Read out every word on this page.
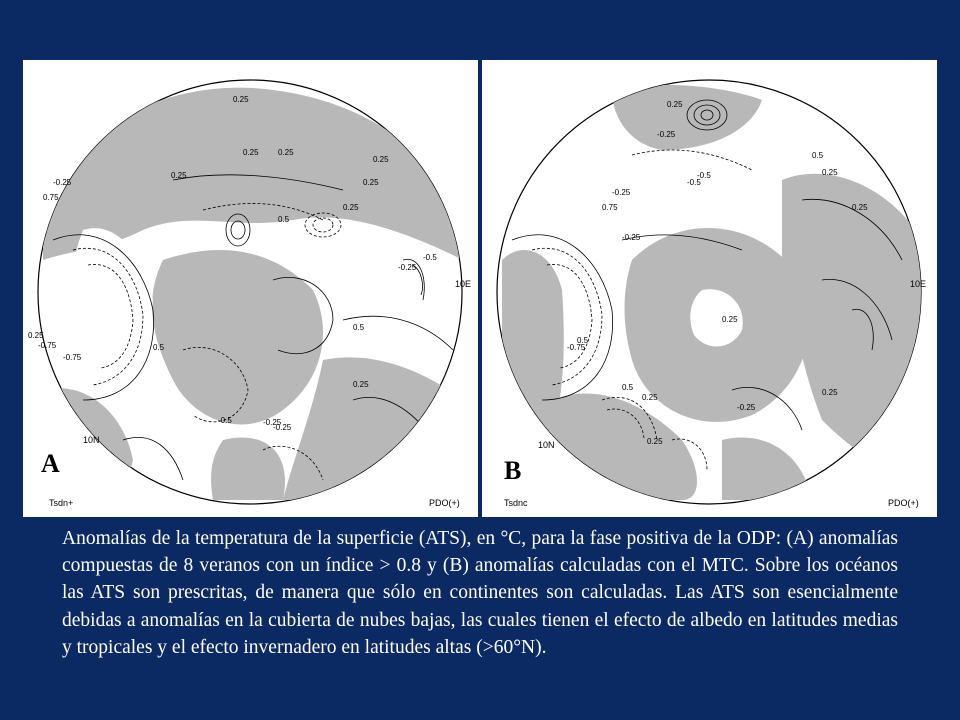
0.25
0.25
0.25 0.25
0.25
0.25
0.25
0.5
0.5
0.5
-0.25
-0.25
-0.25
-0.5
-0.5
-0.75
-0.75
0.75
-0.25
0.25
0.25
10E
10N
A
Tsdn+	PDO(+)
0.25
-0.25
-0.5
0.5
0.5
0.25
0.25
0.75
-0.25
-0.25
-0.5
-0.75
0.25
0.25
0.25
-0.25
0.5
0.25
10E
10N
B
Tsdnc	PDO(+)
Anomalías de la temperatura de la superficie (ATS), en °C, para la fase positiva de la ODP: (A) anomalías compuestas de 8 veranos con un índice > 0.8 y (B) anomalías calculadas con el MTC. Sobre los océanos las ATS son prescritas, de manera que sólo en continentes son calculadas. Las ATS son esencialmente debidas a anomalías en la cubierta de nubes bajas, las cuales tienen el efecto de albedo en latitudes medias y tropicales y el efecto invernadero en latitudes altas (>60°N).
